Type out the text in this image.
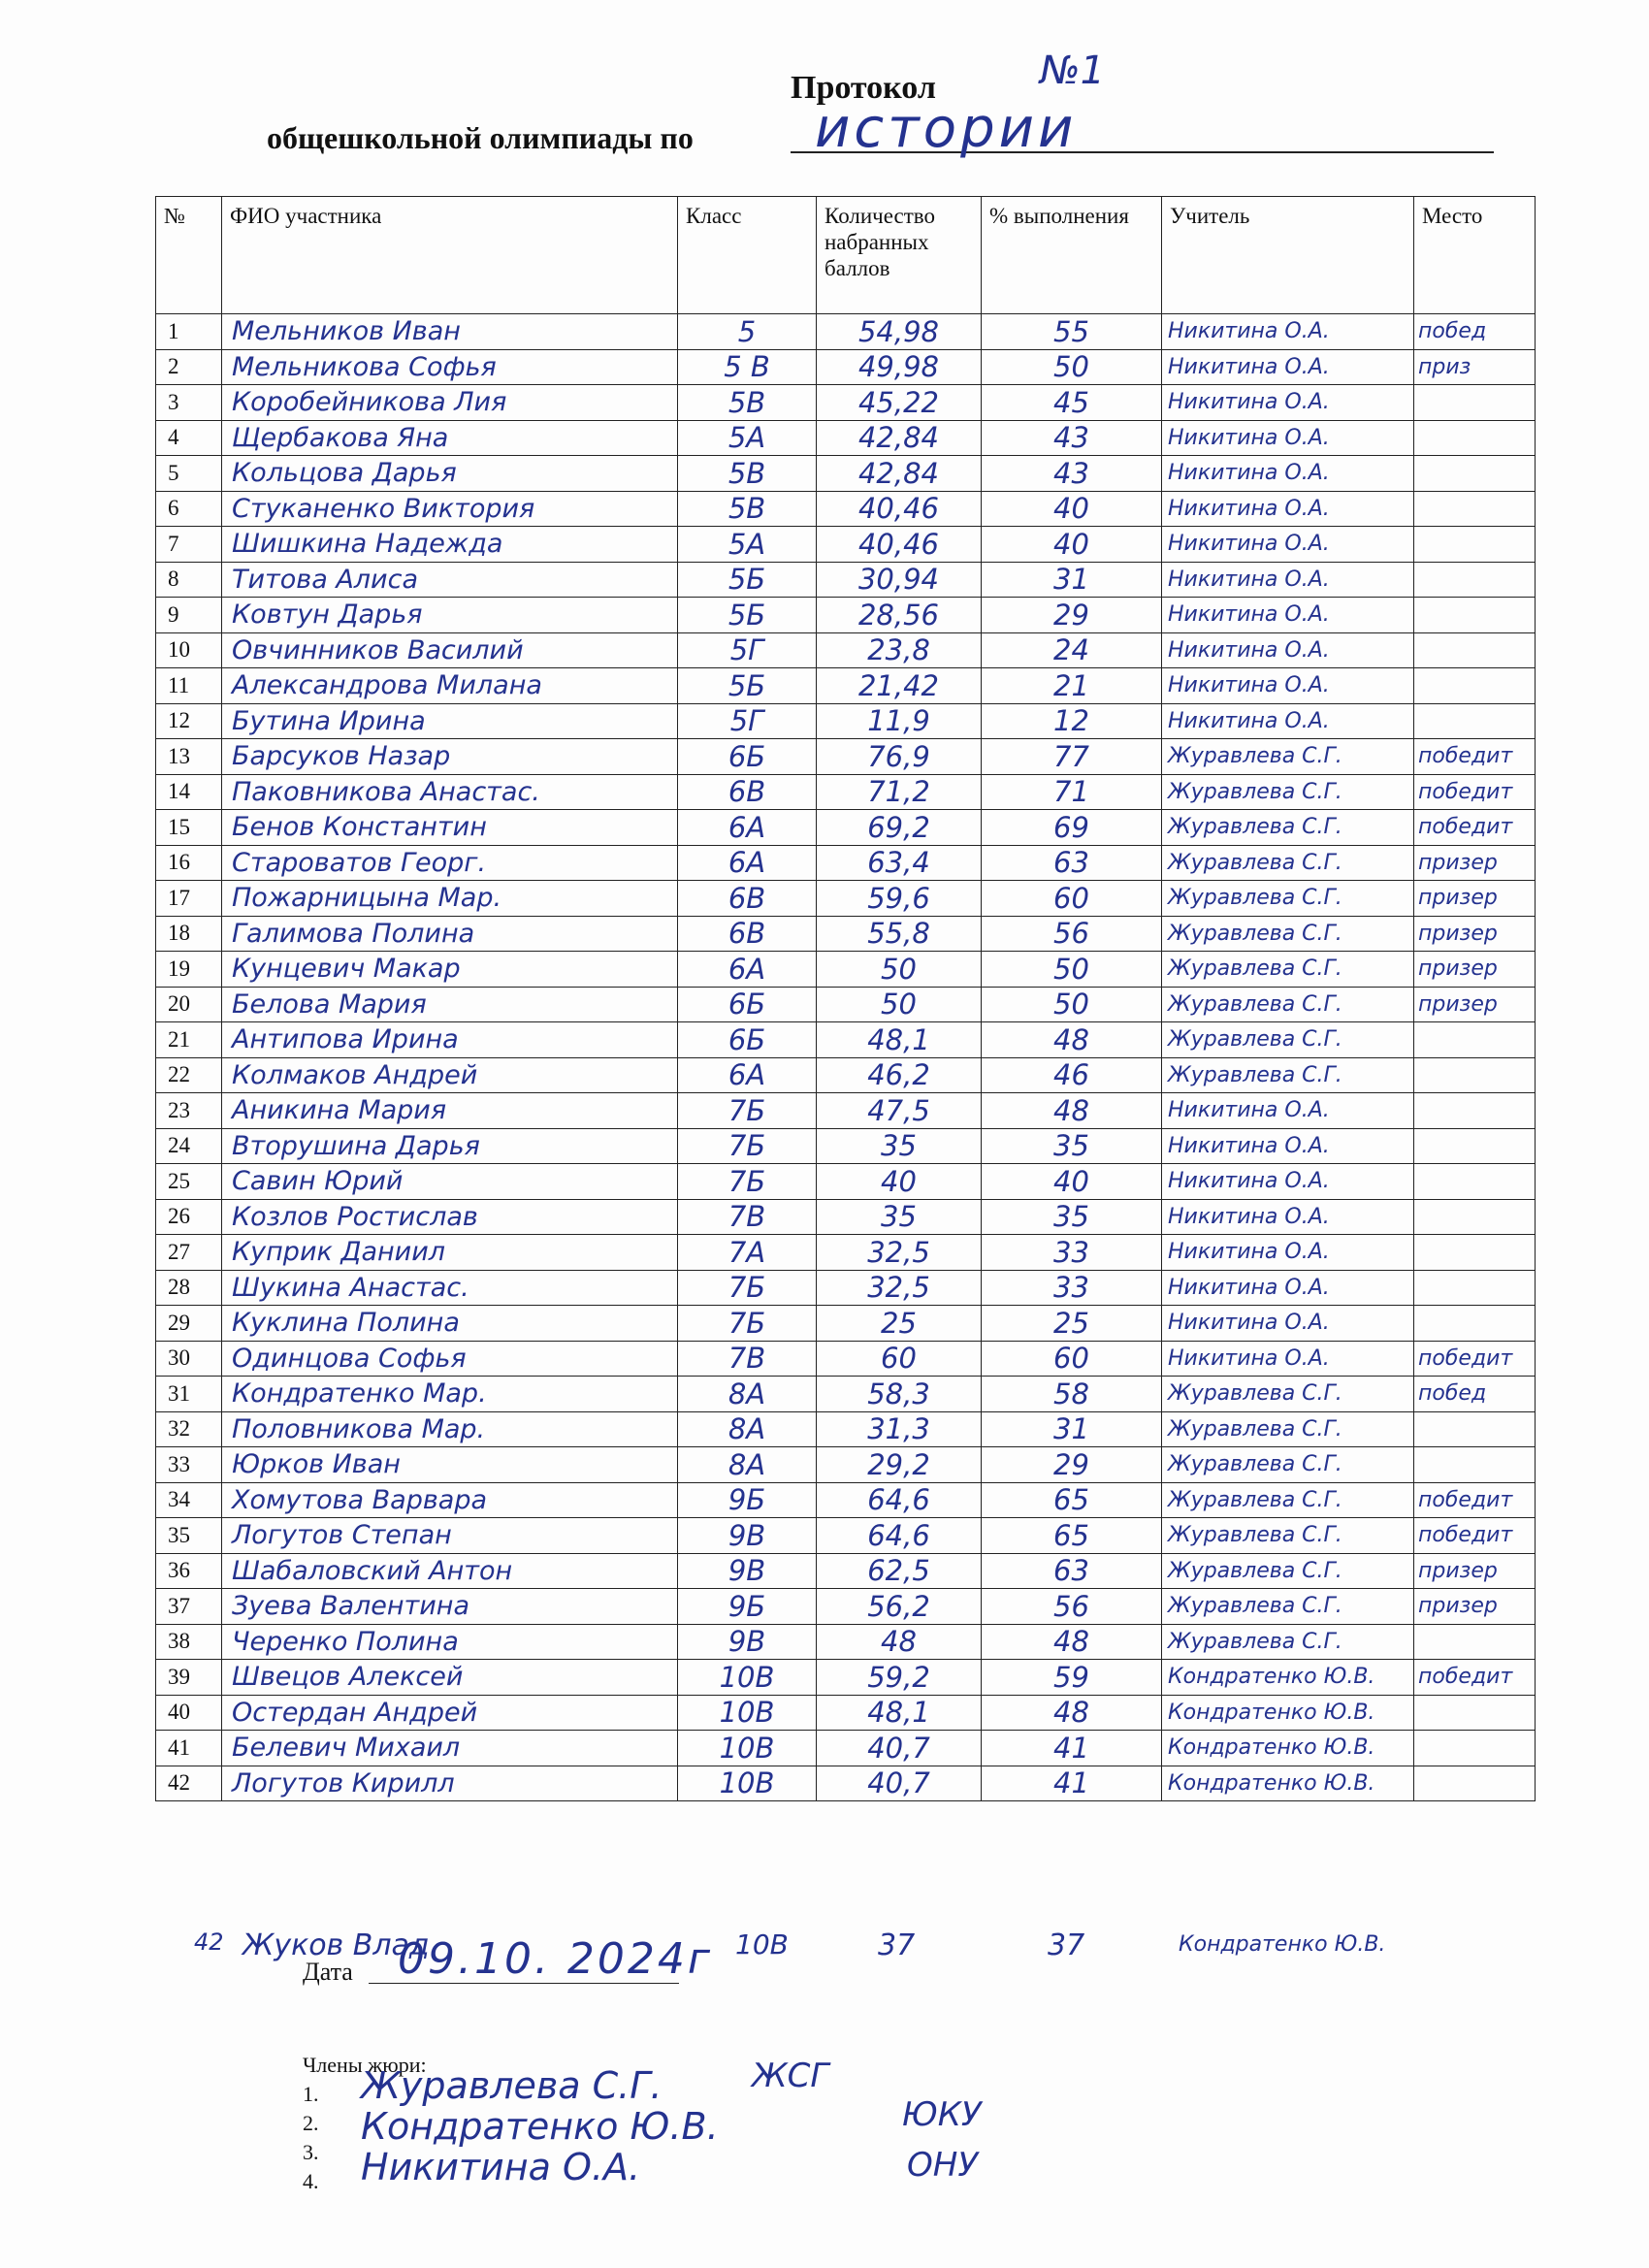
Протокол	№1
общешкольной олимпиады по истории
№	ФИО участника	Класс	Количество набранных баллов	% выполнения	Учитель	Место
1	Мельников Иван	5	54,98	55	Никитина О.А.	побед
2	Мельникова Софья	5 В	49,98	50	Никитина О.А.	приз
3	Коробейникова Лия	5В	45,22	45	Никитина О.А.	
4	Щербакова Яна	5А	42,84	43	Никитина О.А.	
5	Кольцова Дарья	5В	42,84	43	Никитина О.А.	
6	Стуканенко Виктория	5В	40,46	40	Никитина О.А.	
7	Шишкина Надежда	5А	40,46	40	Никитина О.А.	
8	Титова Алиса	5Б	30,94	31	Никитина О.А.	
9	Ковтун Дарья	5Б	28,56	29	Никитина О.А.	
10	Овчинников Василий	5Г	23,8	24	Никитина О.А.	
11	Александрова Милана	5Б	21,42	21	Никитина О.А.	
12	Бутина Ирина	5Г	11,9	12	Никитина О.А.	
13	Барсуков Назар	6Б	76,9	77	Журавлева С.Г.	победит
14	Паковникова Анастас.	6В	71,2	71	Журавлева С.Г.	победит
15	Бенов Константин	6А	69,2	69	Журавлева С.Г.	победит
16	Староватов Георг.	6А	63,4	63	Журавлева С.Г.	призер
17	Пожарницына Мар.	6В	59,6	60	Журавлева С.Г.	призер
18	Галимова Полина	6В	55,8	56	Журавлева С.Г.	призер
19	Кунцевич Макар	6А	50	50	Журавлева С.Г.	призер
20	Белова Мария	6Б	50	50	Журавлева С.Г.	призер
21	Антипова Ирина	6Б	48,1	48	Журавлева С.Г.	
22	Колмаков Андрей	6А	46,2	46	Журавлева С.Г.	
23	Аникина Мария	7Б	47,5	48	Никитина О.А.	
24	Вторушина Дарья	7Б	35	35	Никитина О.А.	
25	Савин Юрий	7Б	40	40	Никитина О.А.	
26	Козлов Ростислав	7В	35	35	Никитина О.А.	
27	Куприк Даниил	7А	32,5	33	Никитина О.А.	
28	Шукина Анастас.	7Б	32,5	33	Никитина О.А.	
29	Куклина Полина	7Б	25	25	Никитина О.А.	
30	Одинцова Софья	7В	60	60	Никитина О.А.	победит
31	Кондратенко Мар.	8А	58,3	58	Журавлева С.Г.	побед
32	Половникова Мар.	8А	31,3	31	Журавлева С.Г.	
33	Юрков Иван	8А	29,2	29	Журавлева С.Г.	
34	Хомутова Варвара	9Б	64,6	65	Журавлева С.Г.	победит
35	Логутов Степан	9В	64,6	65	Журавлева С.Г.	победит
36	Шабаловский Антон	9В	62,5	63	Журавлева С.Г.	призер
37	Зуева Валентина	9Б	56,2	56	Журавлева С.Г.	призер
38	Черенко Полина	9В	48	48	Журавлева С.Г.	
39	Швецов Алексей	10В	59,2	59	Кондратенко Ю.В.	победит
40	Остердан Андрей	10В	48,1	48	Кондратенко Ю.В.	
41	Белевич Михаил	10В	40,7	41	Кондратенко Ю.В.	
42	Логутов Кирилл	10В	40,7	41	Кондратенко Ю.В.	
42 Жуков Влад	10В	37	37	Кондратенко Ю.В.
Дата 09.10. 2024г
Члены жюри:
1.
2.
3.
4.
Журавлева С.Г.	ЖСГ
Кондратенко Ю.В.	ЮКУ
Никитина О.А.	ОНУ
